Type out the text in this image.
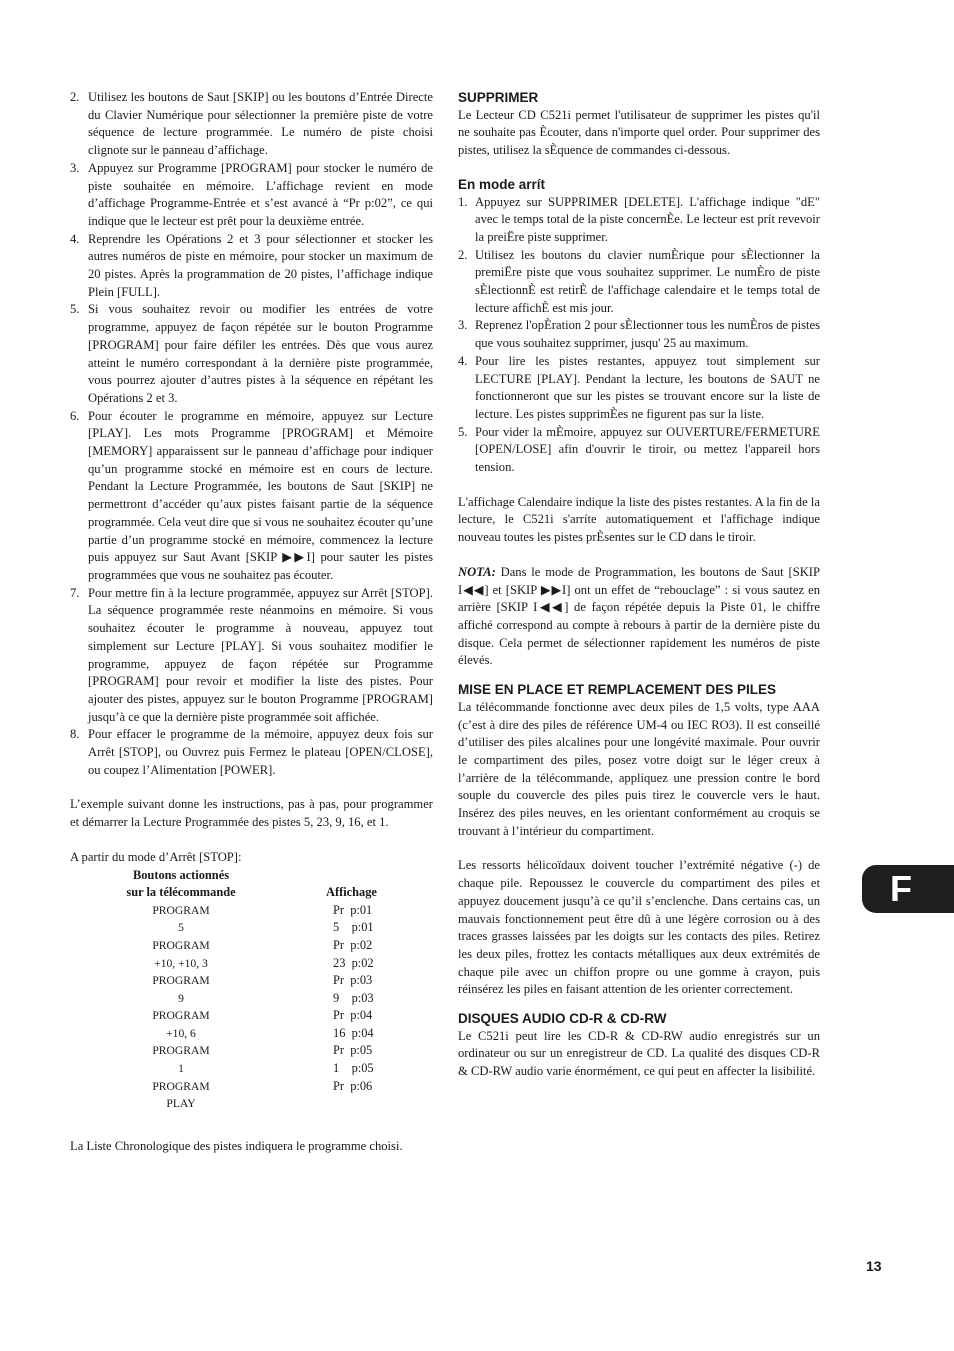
2. Utilisez les boutons de Saut [SKIP] ou les boutons d’Entrée Directe du Clavier Numérique pour sélectionner la première piste de votre séquence de lecture programmée. Le numéro de piste choisi clignote sur le panneau d’affichage.
3. Appuyez sur Programme [PROGRAM] pour stocker le numéro de piste souhaitée en mémoire. L’affichage revient en mode d’affichage Programme-Entrée et s’est avancé à “Pr p:02”, ce qui indique que le lecteur est prêt pour la deuxième entrée.
4. Reprendre les Opérations 2 et 3 pour sélectionner et stocker les autres numéros de piste en mémoire, pour stocker un maximum de 20 pistes. Après la programmation de 20 pistes, l’affichage indique Plein [FULL].
5. Si vous souhaitez revoir ou modifier les entrées de votre programme, appuyez de façon répétée sur le bouton Programme [PROGRAM] pour faire défiler les entrées. Dès que vous aurez atteint le numéro correspondant à la dernière piste programmée, vous pourrez ajouter d’autres pistes à la séquence en répétant les Opérations 2 et 3.
6. Pour écouter le programme en mémoire, appuyez sur Lecture [PLAY]. Les mots Programme [PROGRAM] et Mémoire [MEMORY] apparaissent sur le panneau d’affichage pour indiquer qu’un programme stocké en mémoire est en cours de lecture. Pendant la Lecture Programmée, les boutons de Saut [SKIP] ne permettront d’accéder qu’aux pistes faisant partie de la séquence programmée. Cela veut dire que si vous ne souhaitez écouter qu’une partie d’un programme stocké en mémoire, commencez la lecture puis appuyez sur Saut Avant [SKIP ▶▶I] pour sauter les pistes programmées que vous ne souhaitez pas écouter.
7. Pour mettre fin à la lecture programmée, appuyez sur Arrêt [STOP]. La séquence programmée reste néanmoins en mémoire. Si vous souhaitez écouter le programme à nouveau, appuyez tout simplement sur Lecture [PLAY]. Si vous souhaitez modifier le programme, appuyez de façon répétée sur Programme [PROGRAM] pour revoir et modifier la liste des pistes. Pour ajouter des pistes, appuyez sur le bouton Programme [PROGRAM] jusqu’à ce que la dernière piste programmée soit affichée.
8. Pour effacer le programme de la mémoire, appuyez deux fois sur Arrêt [STOP], ou Ouvrez puis Fermez le plateau [OPEN/CLOSE], ou coupez l’Alimentation [POWER].

L’exemple suivant donne les instructions, pas à pas, pour programmer et démarrer la Lecture Programmée des pistes 5, 23, 9, 16, et 1.

A partir du mode d’Arrêt [STOP]:

Boutons actionnés
sur la télécommande	Affichage
PROGRAM	Pr  p:01
5	5    p:01
PROGRAM	Pr  p:02
+10, +10, 3	23  p:02
PROGRAM	Pr  p:03
9	9    p:03
PROGRAM	Pr  p:04
+10, 6	16  p:04
PROGRAM	Pr  p:05
1	1    p:05
PROGRAM	Pr  p:06
PLAY	

La Liste Chronologique des pistes indiquera le programme choisi.

SUPPRIMER

Le Lecteur CD C521i permet l'utilisateur de supprimer les pistes qu'il ne souhaite pas Ècouter, dans n'importe quel order. Pour supprimer des pistes, utilisez la sÈquence de commandes ci-dessous.

En mode arrít
1. Appuyez sur SUPPRIMER [DELETE]. L'affichage indique "dE" avec le temps total de la piste concernÈe. Le lecteur est prít revevoir la preiËre piste supprimer.
2. Utilisez les boutons du clavier numÈrique pour sÈlectionner la premiËre piste que vous souhaitez supprimer. Le numÈro de piste sÈlectionnÈ est retirÈ de l'affichage calendaire et le temps total de lecture affichÈ est mis jour.
3. Reprenez l'opÈration 2 pour sÈlectionner tous les numÈros de pistes que vous souhaitez supprimer, jusqu' 25 au maximum.
4. Pour lire les pistes restantes, appuyez tout simplement sur LECTURE [PLAY]. Pendant la lecture, les boutons de SAUT ne fonctionneront que sur les pistes se trouvant encore sur la liste de lecture. Les pistes supprimÈes ne figurent pas sur la liste.
5. Pour vider la mÈmoire, appuyez sur OUVERTURE/FERMETURE [OPEN/LOSE] afin d'ouvrir le tiroir, ou mettez l'appareil hors tension.

L'affichage Calendaire indique la liste des pistes restantes. A la fin de la lecture, le C521i s'arríte automatiquement et l'affichage indique nouveau toutes les pistes prÈsentes sur le CD dans le tiroir.

NOTA: Dans le mode de Programmation, les boutons de Saut [SKIP I◀◀] et [SKIP ▶▶I] ont un effet de “rebouclage” : si vous sautez en arrière [SKIP I◀◀] de façon répétée depuis la Piste 01, le chiffre affiché correspond au compte à rebours à partir de la dernière piste du disque. Cela permet de sélectionner rapidement les numéros de piste élevés.

MISE EN PLACE ET REMPLACEMENT DES PILES

La télécommande fonctionne avec deux piles de 1,5 volts, type AAA (c’est à dire des piles de référence UM-4 ou IEC RO3). Il est conseillé d’utiliser des piles alcalines pour une longévité maximale. Pour ouvrir le compartiment des piles, posez votre doigt sur le léger creux à l’arrière de la télécommande, appliquez une pression contre le bord souple du couvercle des piles puis tirez le couvercle vers le haut. Insérez des piles neuves, en les orientant conformément au croquis se trouvant à l’intérieur du compartiment.

Les ressorts hélicoïdaux doivent toucher l’extrémité négative (-) de chaque pile. Repoussez le couvercle du compartiment des piles et appuyez doucement jusqu’à ce qu’il s’enclenche. Dans certains cas, un mauvais fonctionnement peut être dû à une légère corrosion ou à des traces grasses laissées par les doigts sur les contacts des piles. Retirez les deux piles, frottez les contacts métalliques aux deux extrémités de chaque pile avec un chiffon propre ou une gomme à crayon, puis réinsérez les piles en faisant attention de les orienter correctement.

DISQUES AUDIO CD-R & CD-RW

Le C521i peut lire les CD-R & CD-RW audio enregistrés sur un ordinateur ou sur un enregistreur de CD. La qualité des disques CD-R & CD-RW audio varie énormément, ce qui peut en affecter la lisibilité.

F
13
